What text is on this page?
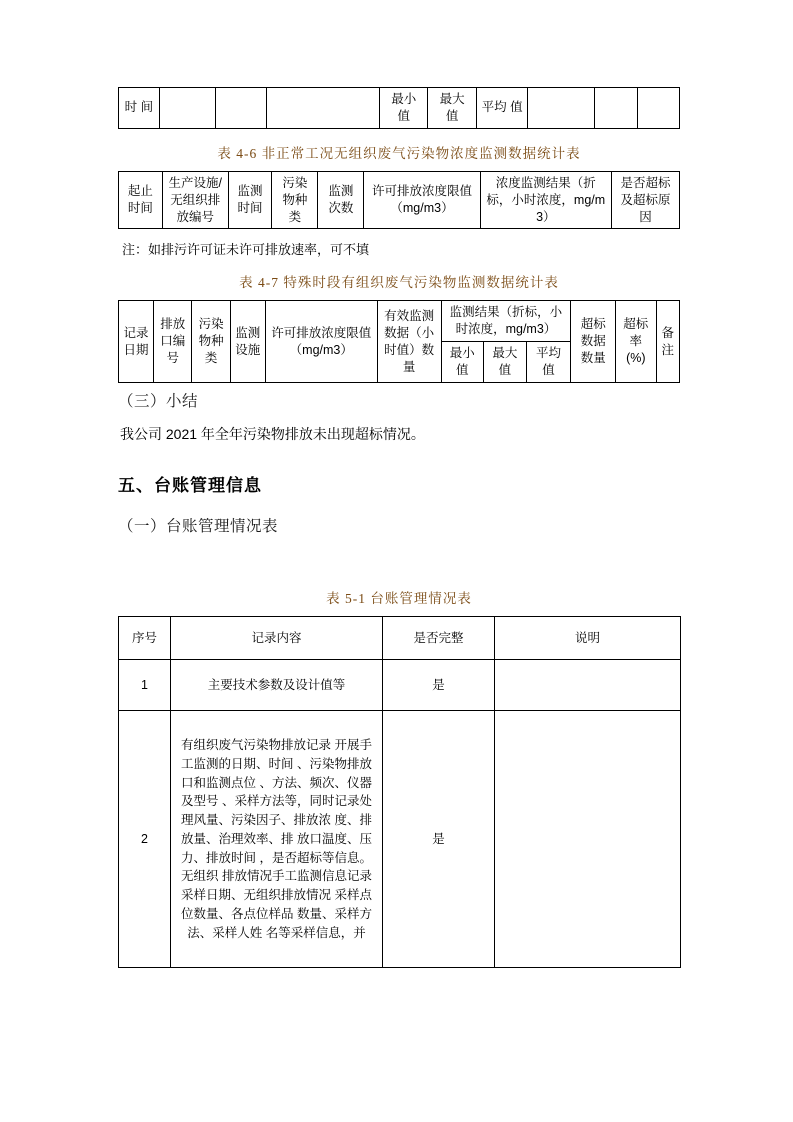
时 间				最小 值	最大 值	平均 值			
表 4-6 非正常工况无组织废气污染物浓度监测数据统计表
起止时间	生产设施/无组织排放编号	监测时间	污染物种类	监测次数	许可排放浓度限值（mg/m3）	浓度监测结果（折标，小时浓度，mg/m3）	是否超标及超标原因
注：如排污许可证未许可排放速率，可不填
表 4-7 特殊时段有组织废气污染物监测数据统计表
记录日期	排放口编号	污染物种类	监测设施	许可排放浓度限值（mg/m3）	有效监测数据（小时值）数量	监测结果（折标，小时浓度，mg/m3）			超标数据数量	超标率(%)	备注
						最小值	最大值	平均值			
（三）小结
我公司 2021 年全年污染物排放未出现超标情况。
五、台账管理信息
（一）台账管理情况表
表 5-1 台账管理情况表
序号	记录内容	是否完整	说明
1	主要技术参数及设计值等	是	
2	有组织废气污染物排放记录 开展手工监测的日期、时间 、污染物排放口和监测点位 、方法、频次、仪器及型号 、采样方法等，同时记录处 理风量、污染因子、排放浓 度、排放量、治理效率、排 放口温度、压力、排放时间 ，是否超标等信息。无组织 排放情况手工监测信息记录 采样日期、无组织排放情况 采样点位数量、各点位样品 数量、采样方法、采样人姓 名等采样信息，并	是	
